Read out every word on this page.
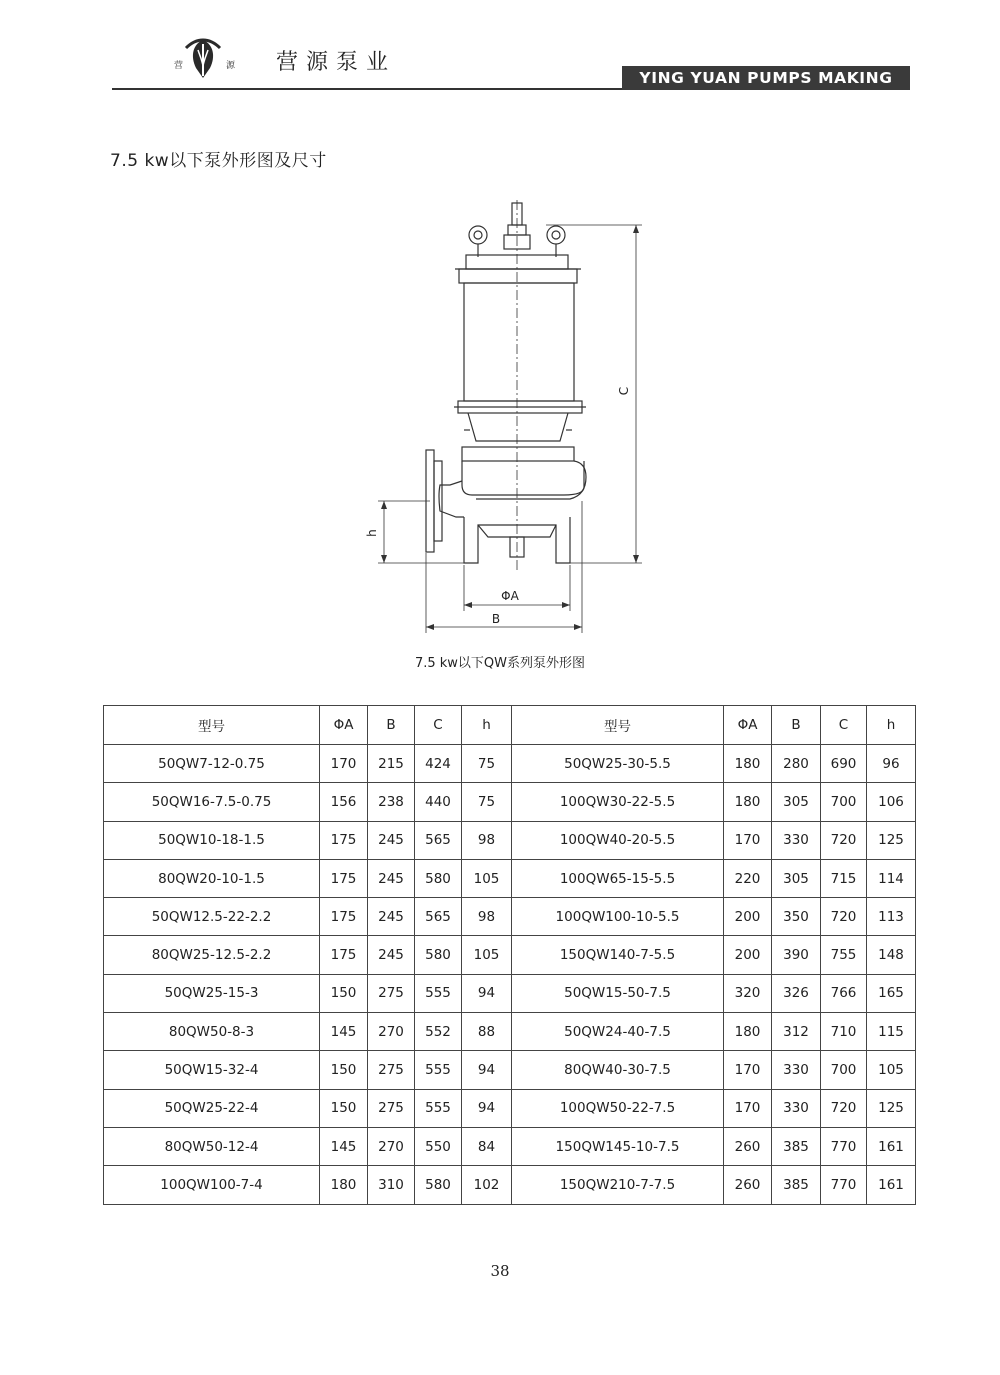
营	源 营源泵业
YING YUAN PUMPS MAKING
7.5 kw以下泵外形图及尺寸
C
h
ΦA
B
7.5 kw以下QW系列泵外形图
型号	ΦA	B	C	h	型号	ΦA	B	C	h
50QW7-12-0.75	170	215	424	75	50QW25-30-5.5	180	280	690	96
50QW16-7.5-0.75	156	238	440	75	100QW30-22-5.5	180	305	700	106
50QW10-18-1.5	175	245	565	98	100QW40-20-5.5	170	330	720	125
80QW20-10-1.5	175	245	580	105	100QW65-15-5.5	220	305	715	114
50QW12.5-22-2.2	175	245	565	98	100QW100-10-5.5	200	350	720	113
80QW25-12.5-2.2	175	245	580	105	150QW140-7-5.5	200	390	755	148
50QW25-15-3	150	275	555	94	50QW15-50-7.5	320	326	766	165
80QW50-8-3	145	270	552	88	50QW24-40-7.5	180	312	710	115
50QW15-32-4	150	275	555	94	80QW40-30-7.5	170	330	700	105
50QW25-22-4	150	275	555	94	100QW50-22-7.5	170	330	720	125
80QW50-12-4	145	270	550	84	150QW145-10-7.5	260	385	770	161
100QW100-7-4	180	310	580	102	150QW210-7-7.5	260	385	770	161
38
